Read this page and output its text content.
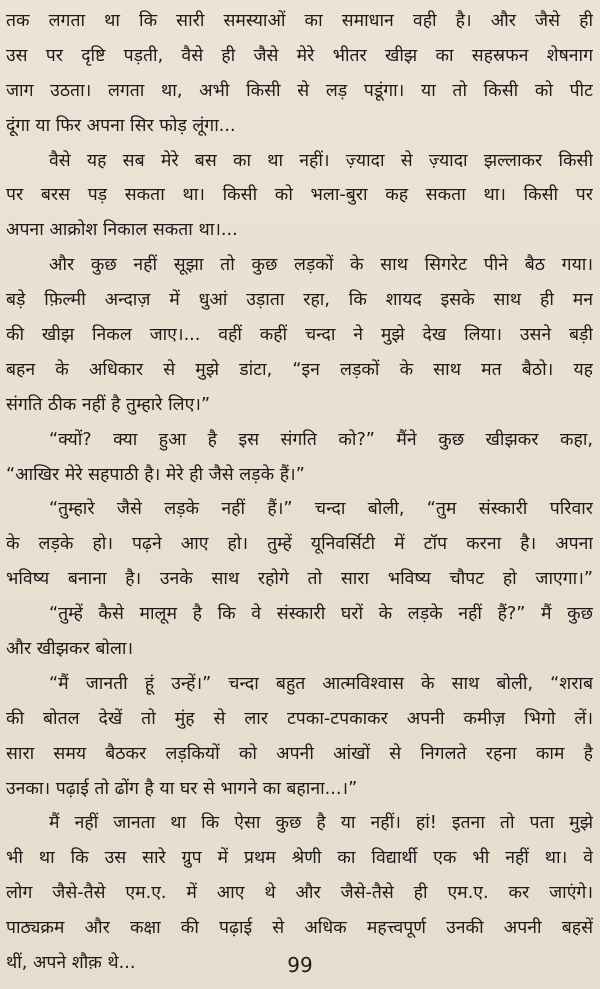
तक लगता था कि सारी समस्याओं का समाधान वही है। और जैसे ही
उस पर दृष्टि पड़ती, वैसे ही जैसे मेरे भीतर खीझ का सहस्रफन शेषनाग
जाग उठता। लगता था, अभी किसी से लड़ पडूंगा। या तो किसी को पीट
दूंगा या फिर अपना सिर फोड़ लूंगा...
वैसे यह सब मेरे बस का था नहीं। ज़्यादा से ज़्यादा झल्लाकर किसी
पर बरस पड़ सकता था। किसी को भला-बुरा कह सकता था। किसी पर
अपना आक्रोश निकाल सकता था।...
और कुछ नहीं सूझा तो कुछ लड़कों के साथ सिगरेट पीने बैठ गया।
बड़े फ़िल्मी अन्दाज़ में धुआं उड़ाता रहा, कि शायद इसके साथ ही मन
की खीझ निकल जाए।... वहीं कहीं चन्दा ने मुझे देख लिया। उसने बड़ी
बहन के अधिकार से मुझे डांटा, “इन लड़कों के साथ मत बैठो। यह
संगति ठीक नहीं है तुम्हारे लिए।”
“क्यों? क्या हुआ है इस संगति को?” मैंने कुछ खीझकर कहा,
“आखिर मेरे सहपाठी है। मेरे ही जैसे लड़के हैं।”
“तुम्हारे जैसे लड़के नहीं हैं।” चन्दा बोली, “तुम संस्कारी परिवार
के लड़के हो। पढ़ने आए हो। तुम्हें यूनिवर्सिटी में टॉप करना है। अपना
भविष्य बनाना है। उनके साथ रहोगे तो सारा भविष्य चौपट हो जाएगा।”
“तुम्हें कैसे मालूम है कि वे संस्कारी घरों के लड़के नहीं हैं?” मैं कुछ
और खीझकर बोला।
“मैं जानती हूं उन्हें।” चन्दा बहुत आत्मविश्वास के साथ बोली, “शराब
की बोतल देखें तो मुंह से लार टपका-टपकाकर अपनी कमीज़ भिगो लें।
सारा समय बैठकर लड़कियों को अपनी आंखों से निगलते रहना काम है
उनका। पढ़ाई तो ढोंग है या घर से भागने का बहाना...।”
मैं नहीं जानता था कि ऐसा कुछ है या नहीं। हां! इतना तो पता मुझे
भी था कि उस सारे ग्रुप में प्रथम श्रेणी का विद्यार्थी एक भी नहीं था। वे
लोग जैसे-तैसे एम.ए. में आए थे और जैसे-तैसे ही एम.ए. कर जाएंगे।
पाठ्यक्रम और कक्षा की पढ़ाई से अधिक महत्त्वपूर्ण उनकी अपनी बहसें
थीं, अपने शौक़ थे...	99
